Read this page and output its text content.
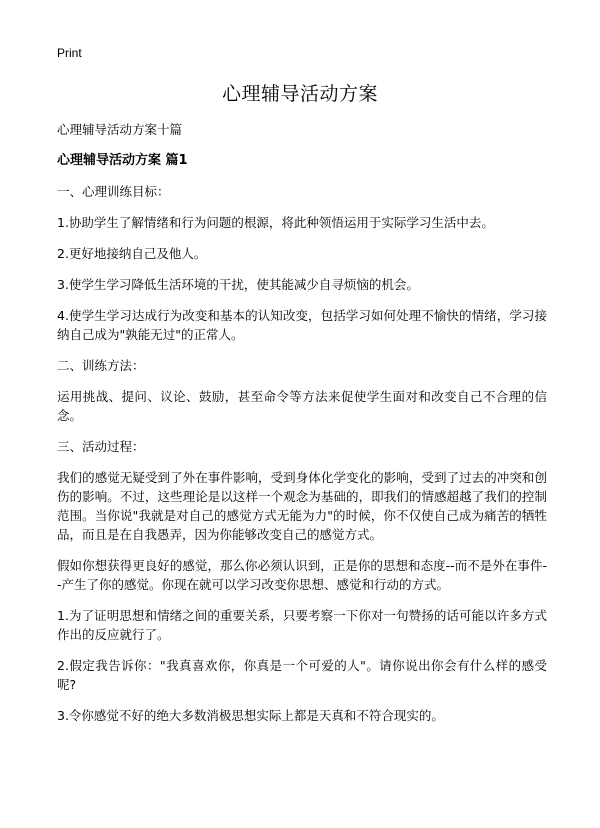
Print
心理辅导活动方案

心理辅导活动方案十篇

心理辅导活动方案 篇1

一、心理训练目标：

1.协助学生了解情绪和行为问题的根源，将此种领悟运用于实际学习生活中去。

2.更好地接纳自己及他人。

3.使学生学习降低生活环境的干扰，使其能减少自寻烦恼的机会。

4.使学生学习达成行为改变和基本的认知改变，包括学习如何处理不愉快的情绪，学习接纳自己成为"孰能无过"的正常人。

二、训练方法：

运用挑战、提问、议论、鼓励，甚至命令等方法来促使学生面对和改变自己不合理的信念。

三、活动过程：

我们的感觉无疑受到了外在事件影响，受到身体化学变化的影响，受到了过去的冲突和创伤的影响。不过，这些理论是以这样一个观念为基础的，即我们的情感超越了我们的控制范围。当你说"我就是对自己的感觉方式无能为力"的时候，你不仅使自己成为痛苦的牺牲品，而且是在自我愚弄，因为你能够改变自己的感觉方式。

假如你想获得更良好的感觉，那么你必须认识到，正是你的思想和态度--而不是外在事件--产生了你的感觉。你现在就可以学习改变你思想、感觉和行动的方式。

1.为了证明思想和情绪之间的重要关系，只要考察一下你对一句赞扬的话可能以许多方式作出的反应就行了。

2.假定我告诉你："我真喜欢你，你真是一个可爱的人"。请你说出你会有什么样的感受呢?

3.令你感觉不好的绝大多数消极思想实际上都是天真和不符合现实的。
